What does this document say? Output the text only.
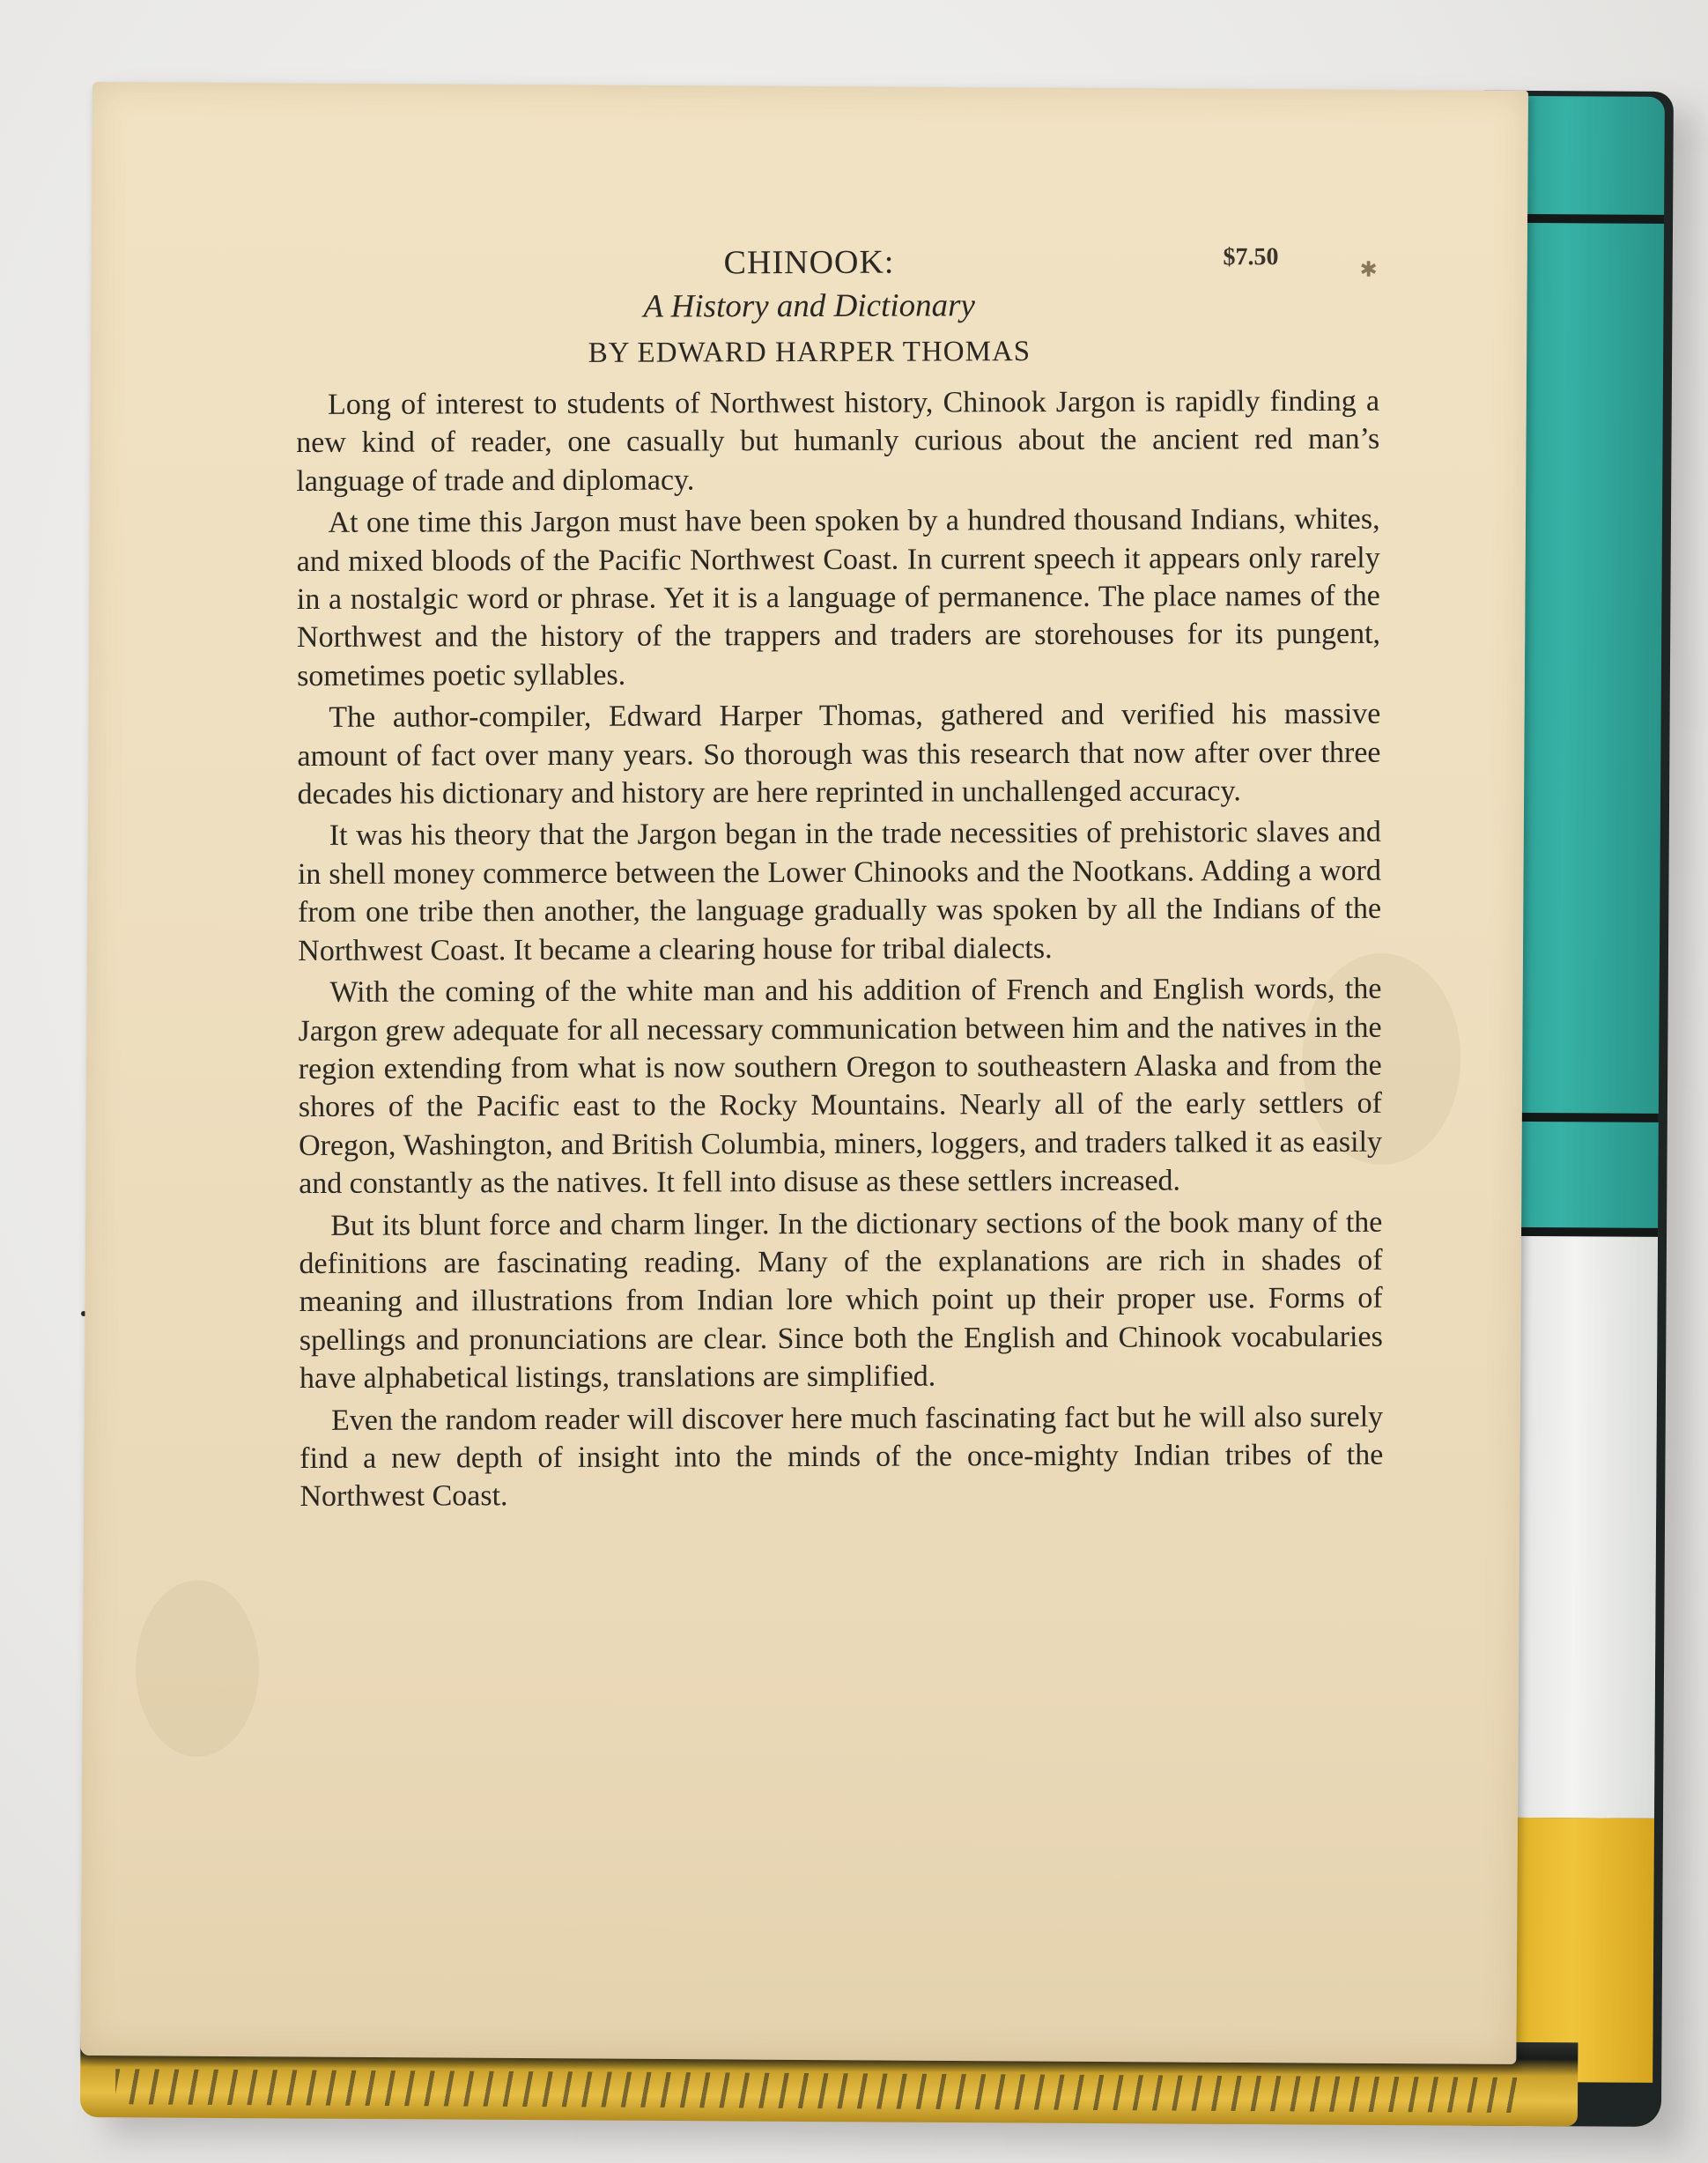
CHINOOK:
A History and Dictionary
BY EDWARD HARPER THOMAS
$7.50	✱

Long of interest to students of Northwest history, Chinook Jargon is rapidly finding a new kind of reader, one casually but humanly curious about the ancient red man’s language of trade and diplomacy.

At one time this Jargon must have been spoken by a hundred thousand Indians, whites, and mixed bloods of the Pacific Northwest Coast. In current speech it appears only rarely in a nostalgic word or phrase. Yet it is a language of permanence. The place names of the Northwest and the history of the trappers and traders are storehouses for its pungent, sometimes poetic syllables.

The author-compiler, Edward Harper Thomas, gathered and verified his massive amount of fact over many years. So thorough was this research that now after over three decades his dictionary and history are here reprinted in unchallenged accuracy.

It was his theory that the Jargon began in the trade necessities of prehistoric slaves and in shell money commerce between the Lower Chinooks and the Nootkans. Adding a word from one tribe then another, the language gradually was spoken by all the Indians of the Northwest Coast. It became a clearing house for tribal dialects.

With the coming of the white man and his addition of French and English words, the Jargon grew adequate for all necessary communication between him and the natives in the region extending from what is now southern Oregon to southeastern Alaska and from the shores of the Pacific east to the Rocky Mountains. Nearly all of the early settlers of Oregon, Washington, and British Columbia, miners, loggers, and traders talked it as easily and constantly as the natives. It fell into disuse as these settlers increased.

But its blunt force and charm linger. In the dictionary sections of the book many of the definitions are fascinating reading. Many of the explanations are rich in shades of meaning and illustrations from Indian lore which point up their proper use. Forms of spellings and pronunciations are clear. Since both the English and Chinook vocabularies have alphabetical listings, translations are simplified.

Even the random reader will discover here much fascinating fact but he will also surely find a new depth of insight into the minds of the once-mighty Indian tribes of the Northwest Coast.
